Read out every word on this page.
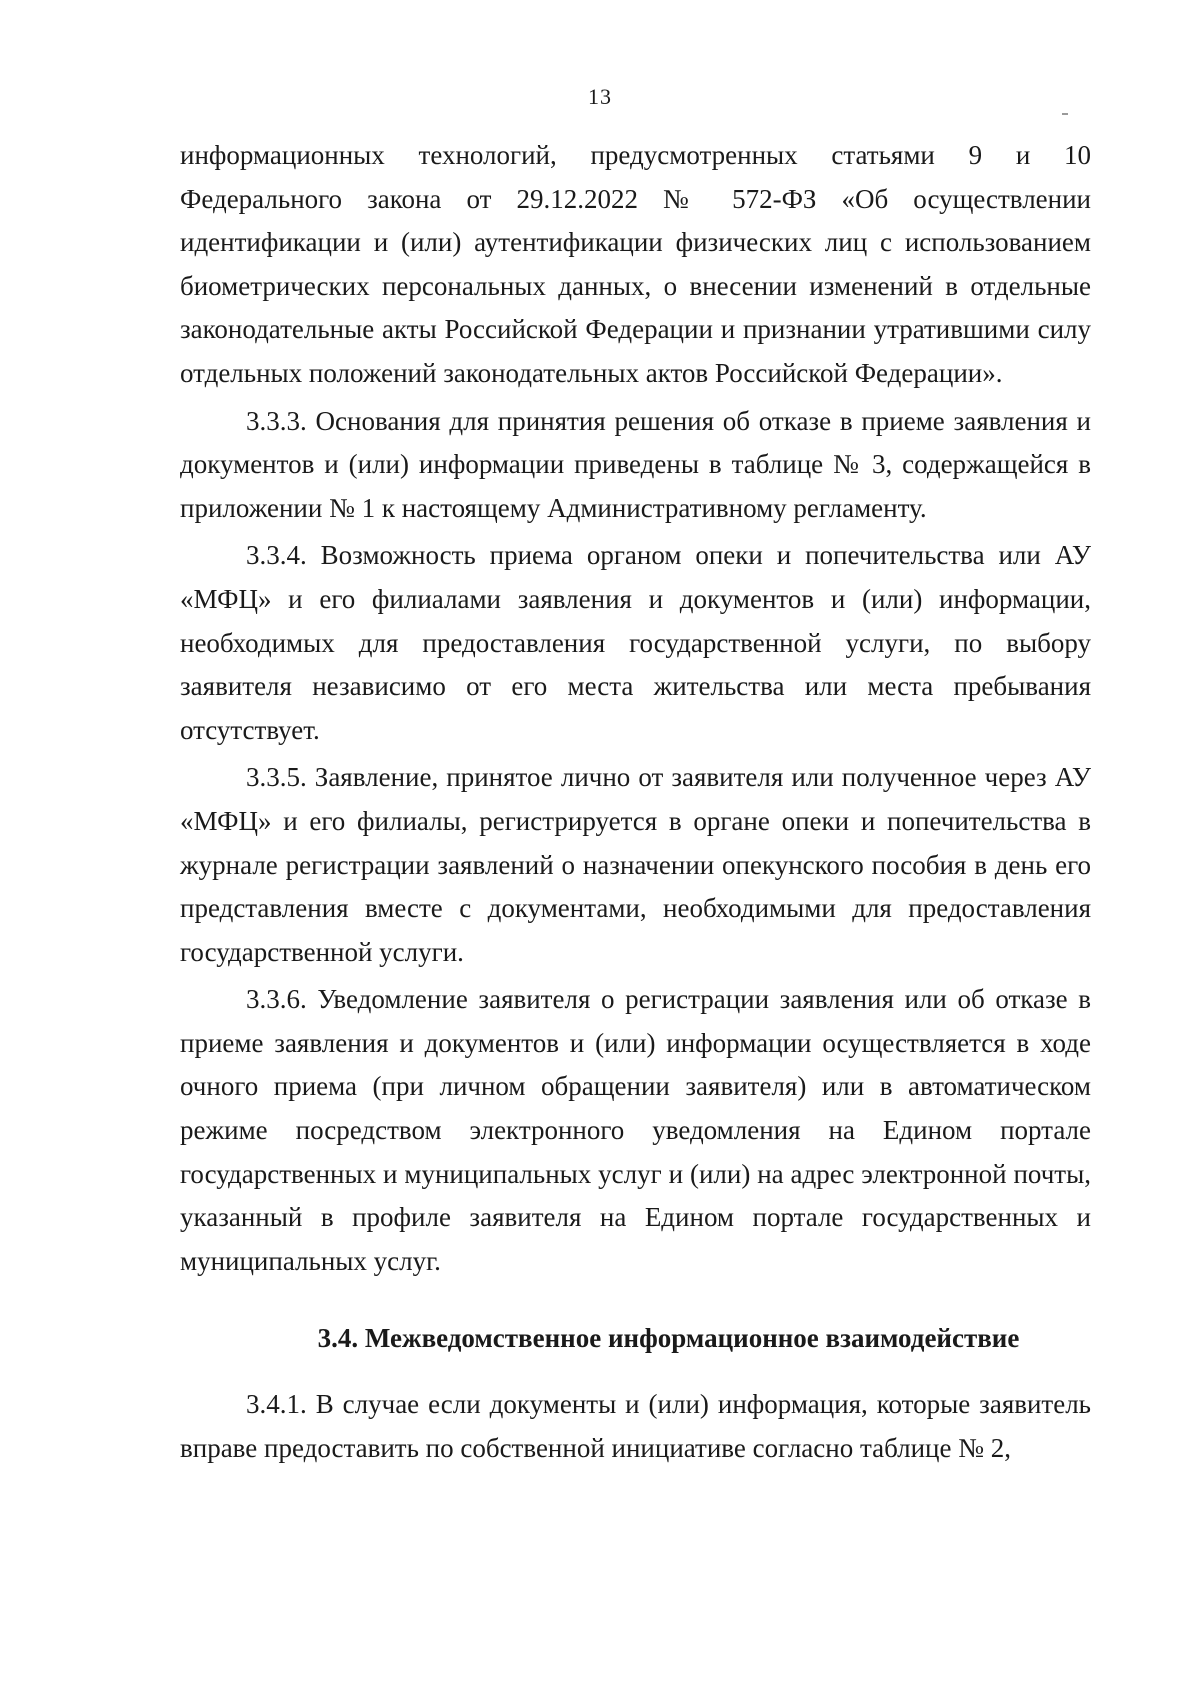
13

информационных технологий, предусмотренных статьями 9 и 10 Федерального закона от 29.12.2022 № 572-ФЗ «Об осуществлении идентификации и (или) аутентификации физических лиц с использованием биометрических персональных данных, о внесении изменений в отдельные законодательные акты Российской Федерации и признании утратившими силу отдельных положений законодательных актов Российской Федерации».

3.3.3. Основания для принятия решения об отказе в приеме заявления и документов и (или) информации приведены в таблице № 3, содержащейся в приложении № 1 к настоящему Административному регламенту.

3.3.4. Возможность приема органом опеки и попечительства или АУ «МФЦ» и его филиалами заявления и документов и (или) информации, необходимых для предоставления государственной услуги, по выбору заявителя независимо от его места жительства или места пребывания отсутствует.

3.3.5. Заявление, принятое лично от заявителя или полученное через АУ «МФЦ» и его филиалы, регистрируется в органе опеки и попечительства в журнале регистрации заявлений о назначении опекунского пособия в день его представления вместе с документами, необходимыми для предоставления государственной услуги.

3.3.6. Уведомление заявителя о регистрации заявления или об отказе в приеме заявления и документов и (или) информации осуществляется в ходе очного приема (при личном обращении заявителя) или в автоматическом режиме посредством электронного уведомления на Едином портале государственных и муниципальных услуг и (или) на адрес электронной почты, указанный в профиле заявителя на Едином портале государственных и муниципальных услуг.

3.4. Межведомственное информационное взаимодействие

3.4.1. В случае если документы и (или) информация, которые заявитель вправе предоставить по собственной инициативе согласно таблице № 2,
